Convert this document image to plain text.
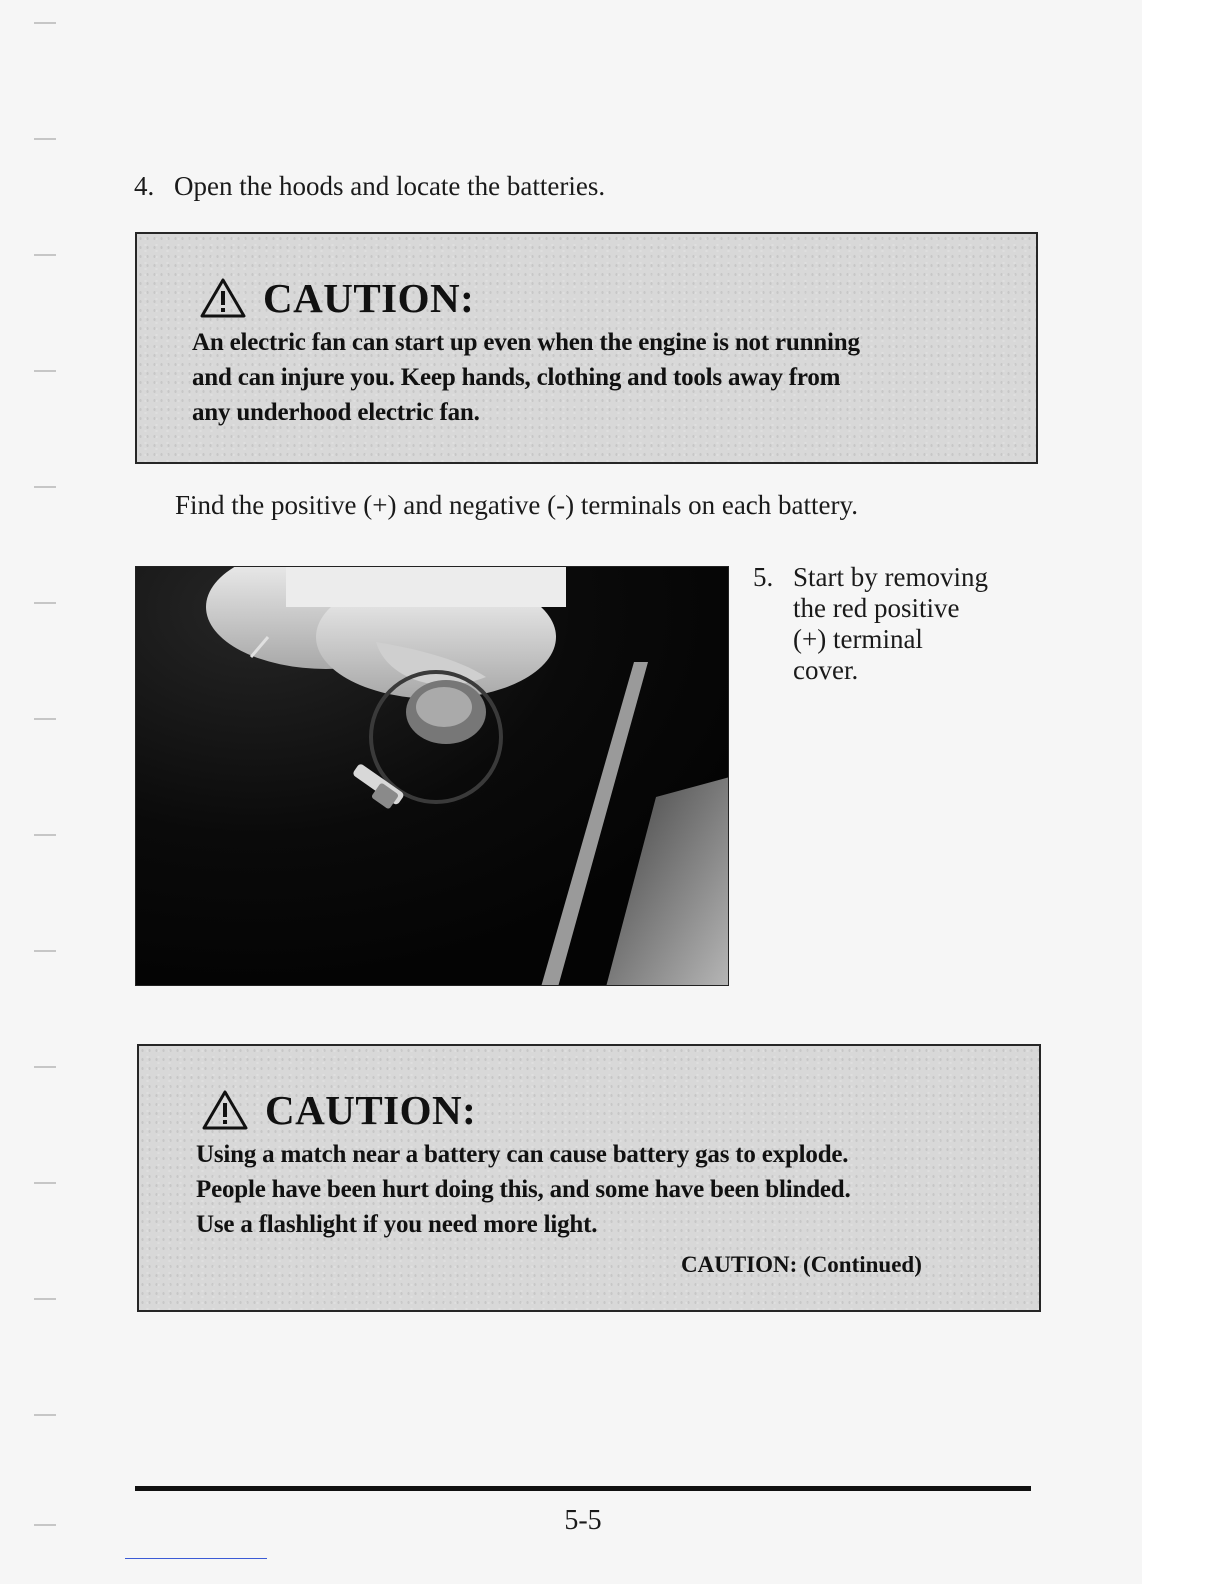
4. Open the hoods and locate the batteries.
CAUTION:
An electric fan can start up even when the engine is not running
and can injure you. Keep hands, clothing and tools away from
any underhood electric fan.
Find the positive (+) and negative (-) terminals on each battery.
5. Start by removing
the red positive
(+) terminal
cover.
CAUTION:
Using a match near a battery can cause battery gas to explode.
People have been hurt doing this, and some have been blinded.
Use a flashlight if you need more light.
CAUTION: (Continued)
5-5
